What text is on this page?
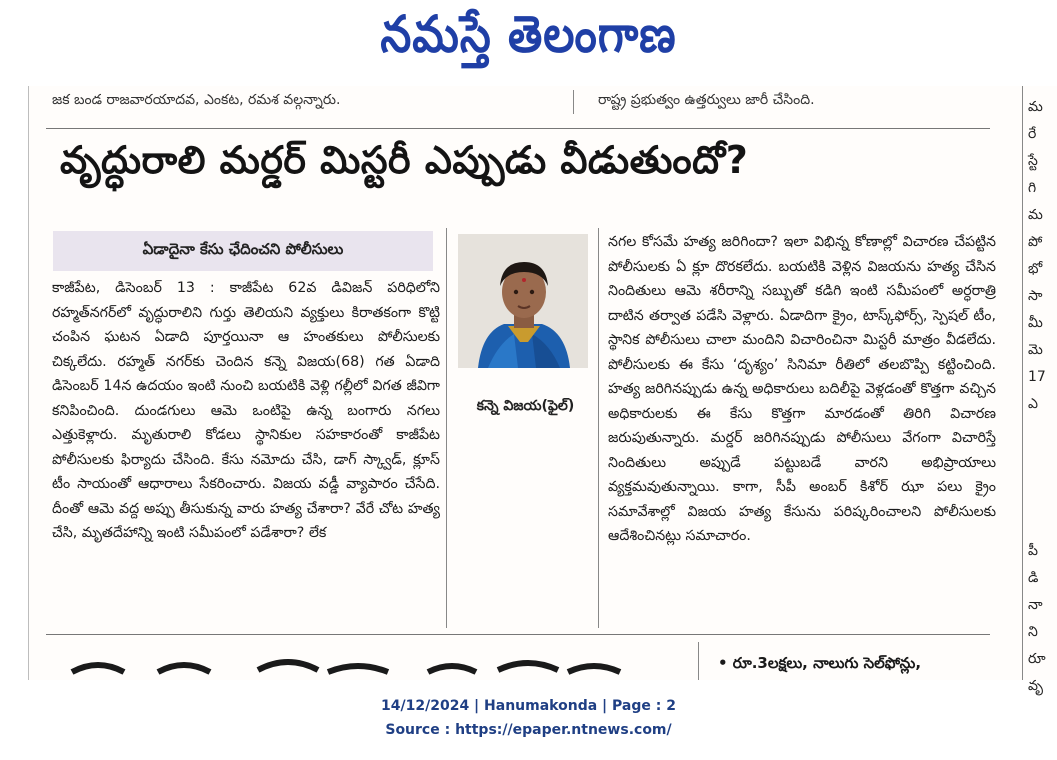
నమస్తే తెలంగాణ
జక బండ రాజవారయాదవ, ఎంకట, రమశ వల్గన్నారు.	రాష్ట్ర ప్రభుత్వం ఉత్తర్వులు జారీ చేసింది.
వృద్ధురాలి మర్డర్ మిస్టరీ ఎప్పుడు వీడుతుందో?
ఏడాదైనా కేసు ఛేదించని పోలీసులు
కన్నె విజయ(ఫైల్)

కాజీపేట, డిసెంబర్ 13 : కాజీపేట 62వ డివిజన్ పరిధిలోని రహ్మత్‌నగర్‌లో వృద్ధురాలిని గుర్తు తెలియని వ్యక్తులు కిరాతకంగా కొట్టి చంపిన ఘటన ఏడాది పూర్తయినా ఆ హంతకులు పోలీసులకు చిక్కలేదు. రహ్మత్ నగర్‌కు చెందిన కన్నె విజయ(68) గత ఏడాది డిసెంబర్ 14న ఉదయం ఇంటి నుంచి బయటికి వెళ్లి గల్లీలో విగత జీవిగా కనిపించింది. దుండగులు ఆమె ఒంటిపై ఉన్న బంగారు నగలు ఎత్తుకెళ్లారు. మృతురాలి కోడలు స్థానికుల సహకారంతో కాజీపేట పోలీసులకు ఫిర్యాదు చేసింది. కేసు నమోదు చేసి, డాగ్ స్క్వాడ్, క్లూస్ టీం సాయంతో ఆధారాలు సేకరించారు. విజయ వడ్డీ వ్యాపారం చేసేది. దీంతో ఆమె వద్ద అప్పు తీసుకున్న వారు హత్య చేశారా? వేరే చోట హత్య చేసి, మృతదేహాన్ని ఇంటి సమీపంలో పడేశారా? లేక

నగల కోసమే హత్య జరిగిందా? ఇలా విభిన్న కోణాల్లో విచారణ చేపట్టిన పోలీసులకు ఏ క్లూ దొరకలేదు. బయటికి వెళ్లిన విజయను హత్య చేసిన నిందితులు ఆమె శరీరాన్ని సబ్బుతో కడిగి ఇంటి సమీపంలో అర్ధరాత్రి దాటిన తర్వాత పడేసి వెళ్లారు. ఏడాదిగా క్రైం, టాస్క్‌ఫోర్స్, స్పెషల్ టీం, స్థానిక పోలీసులు చాలా మందిని విచారించినా మిస్టరీ మాత్రం వీడలేదు. పోలీసులకు ఈ కేసు ‘దృశ్యం’ సినిమా రీతిలో తలబొప్పి కట్టించింది. హత్య జరిగినప్పుడు ఉన్న అధికారులు బదిలీపై వెళ్లడంతో కొత్తగా వచ్చిన అధికారులకు ఈ కేసు కొత్తగా మారడంతో తిరిగి విచారణ జరుపుతున్నారు. మర్డర్ జరిగినప్పుడు పోలీసులు వేగంగా విచారిస్తే నిందితులు అప్పుడే పట్టుబడే వారని అభిప్రాయాలు వ్యక్తమవుతున్నాయి. కాగా, సీపీ అంబర్ కిశోర్ ఝా పలు క్రైం సమావేశాల్లో విజయ హత్య కేసును పరిష్కరించాలని పోలీసులకు ఆదేశించినట్లు సమాచారం.

మ
రే
స్టే
గి
మ
పో
భో
సా
మీ
మె
17
ఎ
పీ
డి
నా
ని
రూ
వృ
• రూ.3లక్షలు, నాలుగు సెల్‌ఫోన్లు,
14/12/2024 | Hanumakonda | Page : 2
Source : https://epaper.ntnews.com/
